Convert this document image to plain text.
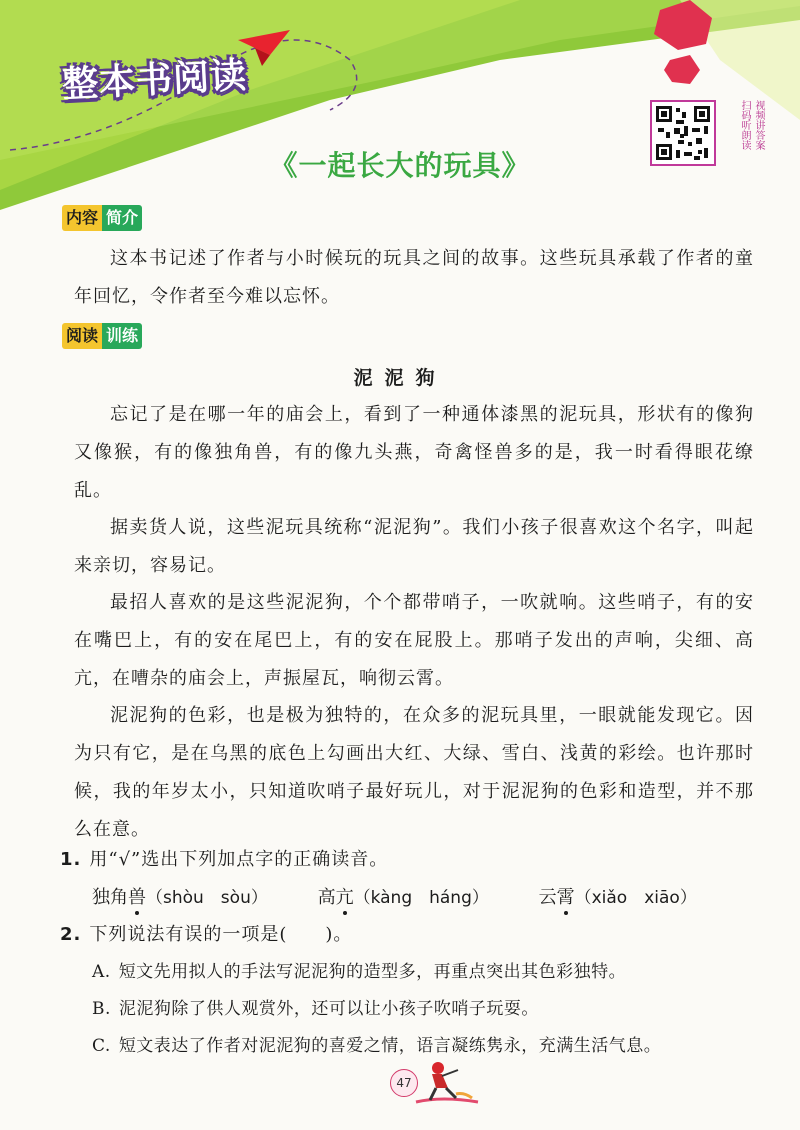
整本书阅读
视频讲答案
扫码听朗读
《一起长大的玩具》
内容 简介

这本书记述了作者与小时候玩的玩具之间的故事。这些玩具承载了作者的童年回忆，令作者至今难以忘怀。

阅读 训练
泥泥狗

忘记了是在哪一年的庙会上，看到了一种通体漆黑的泥玩具，形状有的像狗又像猴，有的像独角兽，有的像九头燕，奇禽怪兽多的是，我一时看得眼花缭乱。

据卖货人说，这些泥玩具统称“泥泥狗”。我们小孩子很喜欢这个名字，叫起来亲切，容易记。

最招人喜欢的是这些泥泥狗，个个都带哨子，一吹就响。这些哨子，有的安在嘴巴上，有的安在尾巴上，有的安在屁股上。那哨子发出的声响，尖细、高亢，在嘈杂的庙会上，声振屋瓦，响彻云霄。

泥泥狗的色彩，也是极为独特的，在众多的泥玩具里，一眼就能发现它。因为只有它，是在乌黑的底色上勾画出大红、大绿、雪白、浅黄的彩绘。也许那时候，我的年岁太小，只知道吹哨子最好玩儿，对于泥泥狗的色彩和造型，并不那么在意。

1. 用“√”选出下列加点字的正确读音。
独角兽（shòu　sòu）	高亢（kàng　háng）	云霄（xiǎo　xiāo）
2. 下列说法有误的一项是(　　)。
A. 短文先用拟人的手法写泥泥狗的造型多，再重点突出其色彩独特。
B. 泥泥狗除了供人观赏外，还可以让小孩子吹哨子玩耍。
C. 短文表达了作者对泥泥狗的喜爱之情，语言凝练隽永，充满生活气息。
47
